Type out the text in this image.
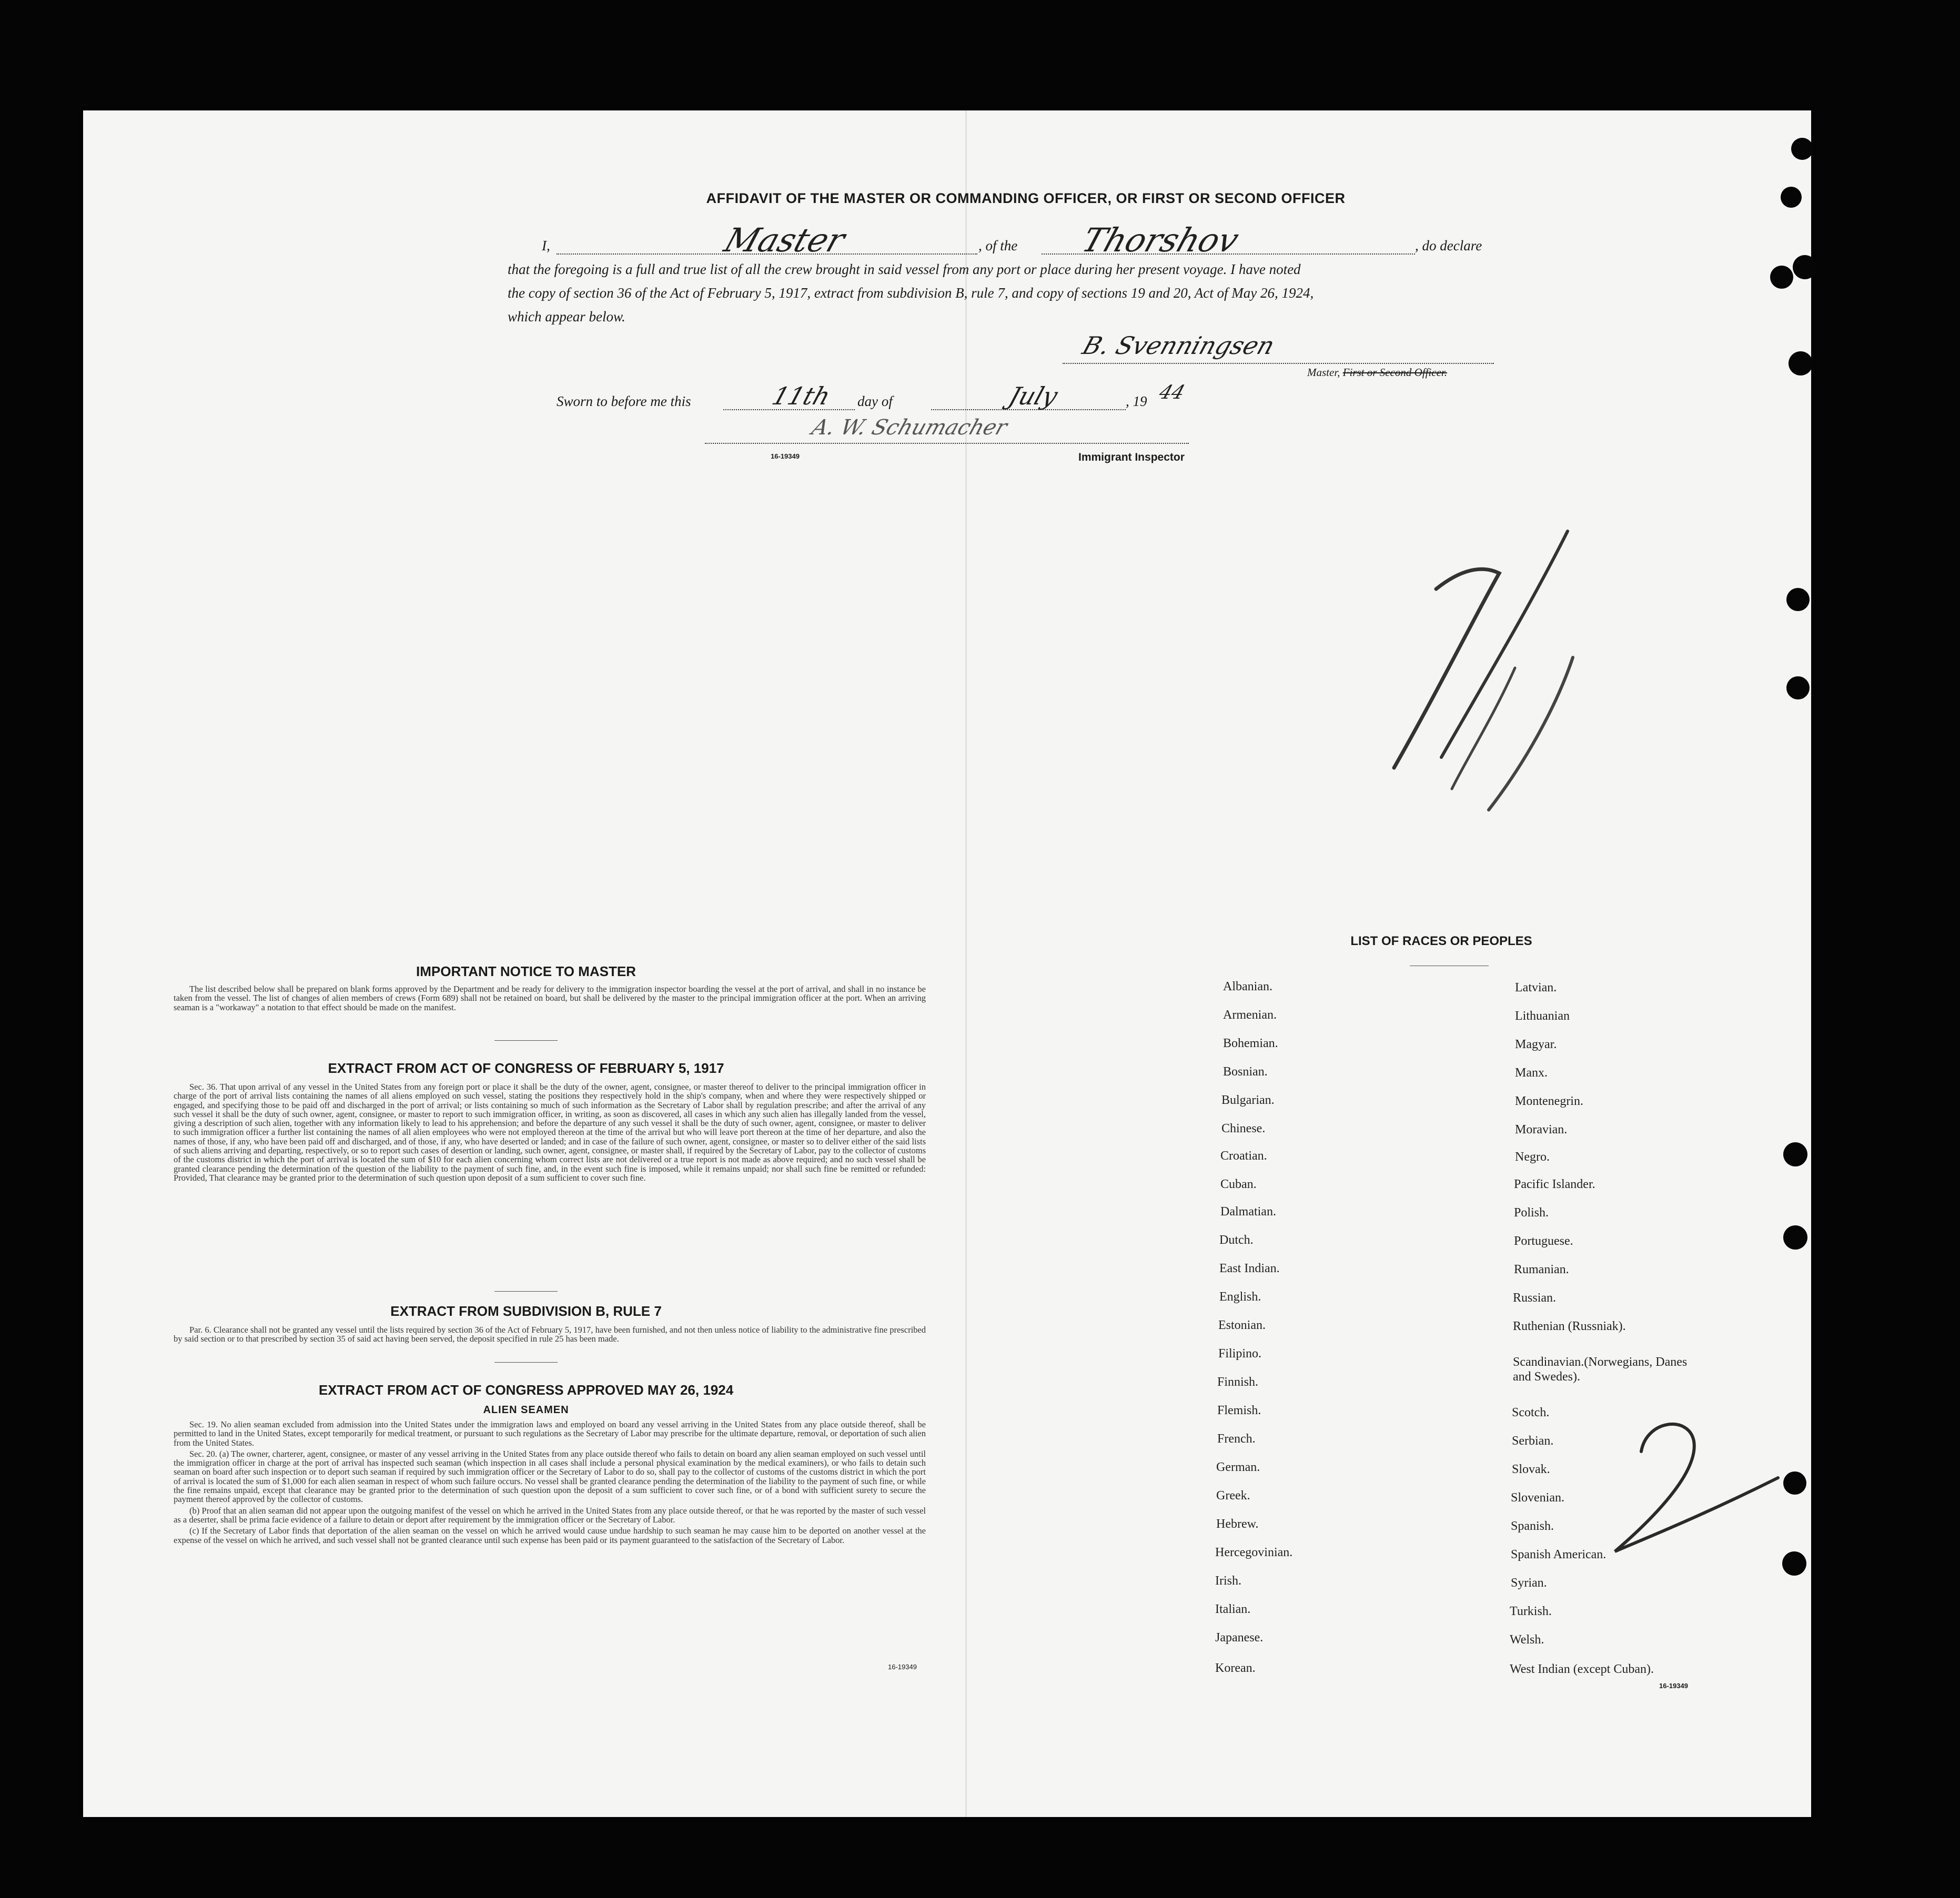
AFFIDAVIT OF THE MASTER OR COMMANDING OFFICER, OR FIRST OR SECOND OFFICER
I,	Master	, of the Thorshov	, do declare
that the foregoing is a full and true list of all the crew brought in said vessel from any port or place during her present voyage. I have noted
the copy of section 36 of the Act of February 5, 1917, extract from subdivision B, rule 7, and copy of sections 19 and 20, Act of May 26, 1924,
which appear below.
B. Svenningsen
Master, First or Second Officer.
Sworn to before me this	11th day of	July	, 19 44
A. W. Schumacher
16-19349	Immigrant Inspector
IMPORTANT NOTICE TO MASTER

The list described below shall be prepared on blank forms approved by the Department and be ready for delivery to the immigration inspector boarding the vessel at the port of arrival, and shall in no instance be taken from the vessel. The list of changes of alien members of crews (Form 689) shall not be retained on board, but shall be delivered by the master to the principal immigration officer at the port. When an arriving seaman is a "workaway" a notation to that effect should be made on the manifest.

EXTRACT FROM ACT OF CONGRESS OF FEBRUARY 5, 1917

Sec. 36. That upon arrival of any vessel in the United States from any foreign port or place it shall be the duty of the owner, agent, consignee, or master thereof to deliver to the principal immigration officer in charge of the port of arrival lists containing the names of all aliens employed on such vessel, stating the positions they respectively hold in the ship's company, when and where they were respectively shipped or engaged, and specifying those to be paid off and discharged in the port of arrival; or lists containing so much of such information as the Secretary of Labor shall by regulation prescribe; and after the arrival of any such vessel it shall be the duty of such owner, agent, consignee, or master to report to such immigration officer, in writing, as soon as discovered, all cases in which any such alien has illegally landed from the vessel, giving a description of such alien, together with any information likely to lead to his apprehension; and before the departure of any such vessel it shall be the duty of such owner, agent, consignee, or master to deliver to such immigration officer a further list containing the names of all alien employees who were not employed thereon at the time of the arrival but who will leave port thereon at the time of her departure, and also the names of those, if any, who have been paid off and discharged, and of those, if any, who have deserted or landed; and in case of the failure of such owner, agent, consignee, or master so to deliver either of the said lists of such aliens arriving and departing, respectively, or so to report such cases of desertion or landing, such owner, agent, consignee, or master shall, if required by the Secretary of Labor, pay to the collector of customs of the customs district in which the port of arrival is located the sum of $10 for each alien concerning whom correct lists are not delivered or a true report is not made as above required; and no such vessel shall be granted clearance pending the determination of the question of the liability to the payment of such fine, and, in the event such fine is imposed, while it remains unpaid; nor shall such fine be remitted or refunded: Provided, That clearance may be granted prior to the determination of such question upon deposit of a sum sufficient to cover such fine.

EXTRACT FROM SUBDIVISION B, RULE 7

Par. 6. Clearance shall not be granted any vessel until the lists required by section 36 of the Act of February 5, 1917, have been furnished, and not then unless notice of liability to the administrative fine prescribed by said section or to that prescribed by section 35 of said act having been served, the deposit specified in rule 25 has been made.

EXTRACT FROM ACT OF CONGRESS APPROVED MAY 26, 1924
ALIEN SEAMEN

Sec. 19. No alien seaman excluded from admission into the United States under the immigration laws and employed on board any vessel arriving in the United States from any place outside thereof, shall be permitted to land in the United States, except temporarily for medical treatment, or pursuant to such regulations as the Secretary of Labor may prescribe for the ultimate departure, removal, or deportation of such alien from the United States.

Sec. 20. (a) The owner, charterer, agent, consignee, or master of any vessel arriving in the United States from any place outside thereof who fails to detain on board any alien seaman employed on such vessel until the immigration officer in charge at the port of arrival has inspected such seaman (which inspection in all cases shall include a personal physical examination by the medical examiners), or who fails to detain such seaman on board after such inspection or to deport such seaman if required by such immigration officer or the Secretary of Labor to do so, shall pay to the collector of customs of the customs district in which the port of arrival is located the sum of $1,000 for each alien seaman in respect of whom such failure occurs. No vessel shall be granted clearance pending the determination of the liability to the payment of such fine, or while the fine remains unpaid, except that clearance may be granted prior to the determination of such question upon the deposit of a sum sufficient to cover such fine, or of a bond with sufficient surety to secure the payment thereof approved by the collector of customs.

(b) Proof that an alien seaman did not appear upon the outgoing manifest of the vessel on which he arrived in the United States from any place outside thereof, or that he was reported by the master of such vessel as a deserter, shall be prima facie evidence of a failure to detain or deport after requirement by the immigration officer or the Secretary of Labor.

(c) If the Secretary of Labor finds that deportation of the alien seaman on the vessel on which he arrived would cause undue hardship to such seaman he may cause him to be deported on another vessel at the expense of the vessel on which he arrived, and such vessel shall not be granted clearance until such expense has been paid or its payment guaranteed to the satisfaction of the Secretary of Labor.

16-19349
LIST OF RACES OR PEOPLES
Albanian.
Armenian.
Bohemian.
Bosnian.
Bulgarian.
Chinese.
Croatian.
Cuban.
Dalmatian.
Dutch.
East Indian.
English.
Estonian.
Filipino.
Finnish.
Flemish.
French.
German.
Greek.
Hebrew.
Hercegovinian.
Irish.
Italian.
Japanese.
Korean.
Latvian.
Lithuanian
Magyar.
Manx.
Montenegrin.
Moravian.
Negro.
Pacific Islander.
Polish.
Portuguese.
Rumanian.
Russian.
Ruthenian (Russniak).
Scandinavian.(Norwegians, Danes and Swedes).
Scotch.
Serbian.
Slovak.
Slovenian.
Spanish.
Spanish American.
Syrian.
Turkish.
Welsh.
West Indian (except Cuban).
16-19349
